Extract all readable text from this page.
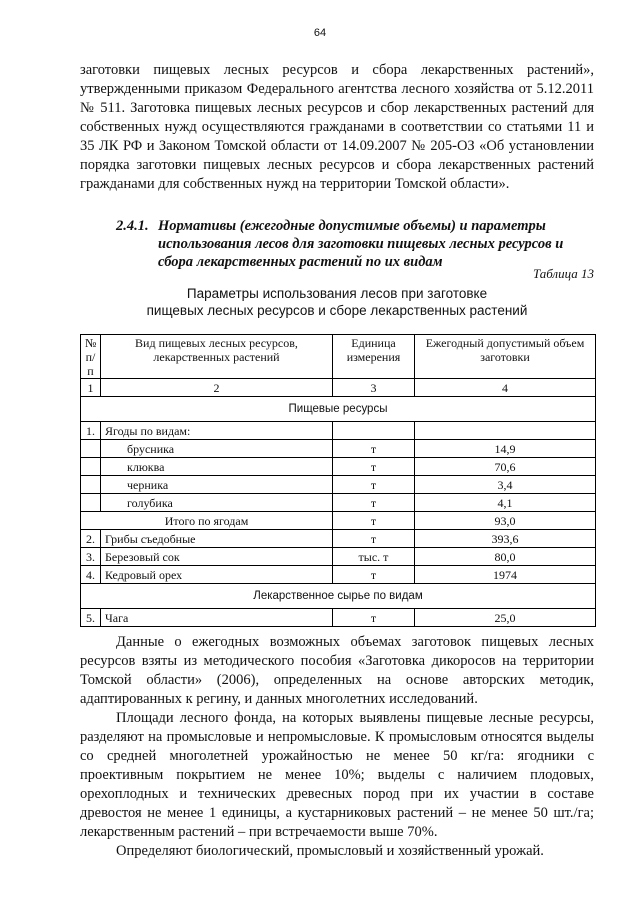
64

заготовки пищевых лесных ресурсов и сбора лекарственных растений», утвержденными приказом Федерального агентства лесного хозяйства от 5.12.2011 № 511. Заготовка пищевых лесных ресурсов и сбор лекарственных растений для собственных нужд осуществляются гражданами в соответствии со статьями 11 и 35 ЛК РФ и Законом Томской области от 14.09.2007 № 205-ОЗ «Об установлении порядка заготовки пищевых лесных ресурсов и сбора лекарственных растений гражданами для собственных нужд на территории Томской области».

2.4.1. Нормативы (ежегодные допустимые объемы) и параметры
использования лесов для заготовки пищевых лесных ресурсов и
сбора лекарственных растений по их видам
Таблица 13
Параметры использования лесов при заготовке
пищевых лесных ресурсов и сборе лекарственных растений
№ п/п	Вид пищевых лесных ресурсов, лекарственных растений	Единица измерения	Ежегодный допустимый объем заготовки
1	2	3	4
Пищевые ресурсы			
1.	Ягоды по видам:		
	брусника	т	14,9
	клюква	т	70,6
	черника	т	3,4
	голубика	т	4,1
Итого по ягодам		т	93,0
2.	Грибы съедобные	т	393,6
3.	Березовый сок	тыс. т	80,0
4.	Кедровый орех	т	1974
Лекарственное сырье по видам			
5.	Чага	т	25,0

Данные о ежегодных возможных объемах заготовок пищевых лесных ресурсов взяты из методического пособия «Заготовка дикоросов на территории Томской области» (2006), определенных на основе авторских методик, адаптированных к регину, и данных многолетних исследований.

Площади лесного фонда, на которых выявлены пищевые лесные ресурсы, разделяют на промысловые и непромысловые. К промысловым относятся выделы со средней многолетней урожайностью не менее 50 кг/га: ягодники с проективным покрытием не менее 10%; выделы с наличием плодовых, орехоплодных и технических древесных пород при их участии в составе древостоя не менее 1 единицы, а кустарниковых растений – не менее 50 шт./га; лекарственным растений – при встречаемости выше 70%.

Определяют биологический, промысловый и хозяйственный урожай.
